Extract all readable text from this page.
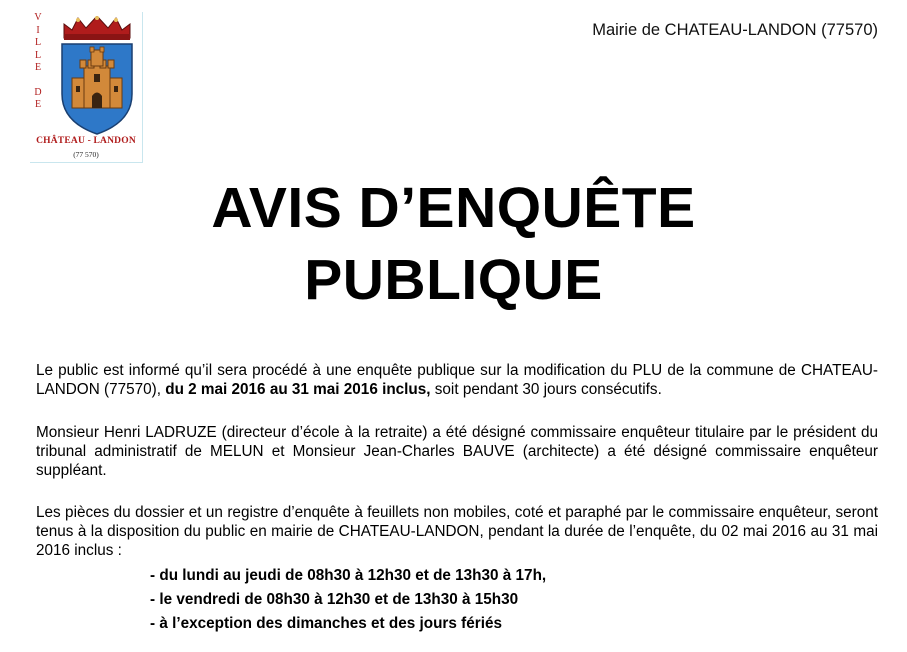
V
I
L
L
E
D
E
CHÂTEAU - LANDON
(77 570)
Mairie de CHATEAU-LANDON (77570)
AVIS D’ENQUÊTE
PUBLIQUE
Le public est informé qu’il sera procédé à une enquête publique sur la modification du PLU de la commune de CHATEAU-LANDON (77570), du 2 mai 2016 au 31 mai 2016 inclus, soit pendant 30 jours consécutifs.
Monsieur Henri LADRUZE (directeur d’école à la retraite) a été désigné commissaire enquêteur titulaire par le président du tribunal administratif de MELUN et Monsieur Jean-Charles BAUVE (architecte) a été désigné commissaire enquêteur suppléant.
Les pièces du dossier et un registre d’enquête à feuillets non mobiles, coté et paraphé par le commissaire enquêteur, seront tenus à la disposition du public en mairie de CHATEAU-LANDON, pendant la durée de l’enquête, du 02 mai 2016 au 31 mai 2016 inclus :
- du lundi au jeudi de 08h30 à 12h30 et de 13h30 à 17h,
- le vendredi de 08h30 à 12h30 et de 13h30 à 15h30
- à l’exception des dimanches et des jours fériés
